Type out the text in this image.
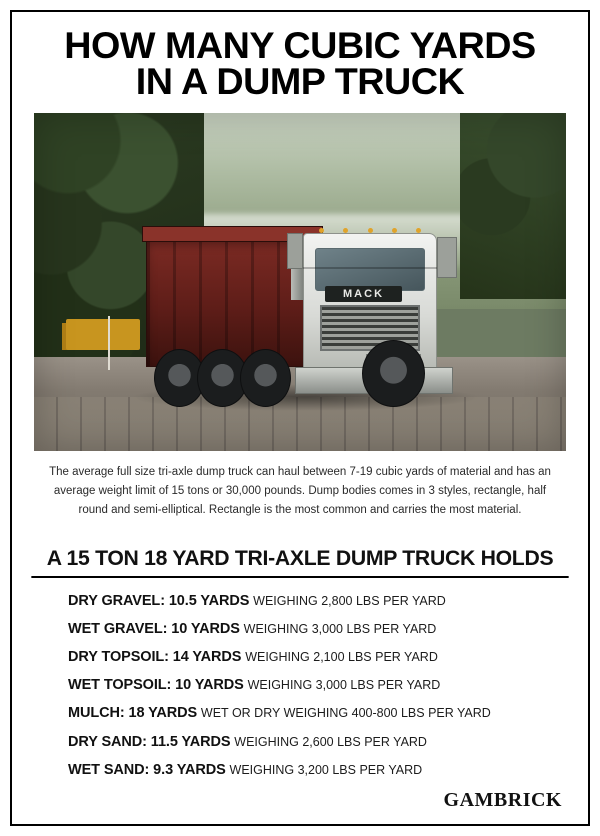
HOW MANY CUBIC YARDS
IN A DUMP TRUCK
MACK

The average full size tri-axle dump truck can haul between 7-19 cubic yards of material and has an average weight limit of 15 tons or 30,000 pounds. Dump bodies comes in 3 styles, rectangle, half round and semi-elliptical. Rectangle is the most common and carries the most material.

A 15 TON 18 YARD TRI-AXLE DUMP TRUCK HOLDS
DRY GRAVEL: 10.5 YARDS WEIGHING 2,800 LBS PER YARD
WET GRAVEL: 10 YARDS WEIGHING 3,000 LBS PER YARD
DRY TOPSOIL: 14 YARDS WEIGHING 2,100 LBS PER YARD
WET TOPSOIL: 10 YARDS WEIGHING 3,000 LBS PER YARD
MULCH: 18 YARDS WET OR DRY WEIGHING 400-800 LBS PER YARD
DRY SAND: 11.5 YARDS WEIGHING 2,600 LBS PER YARD
WET SAND: 9.3 YARDS WEIGHING 3,200 LBS PER YARD
GAMBRICK
